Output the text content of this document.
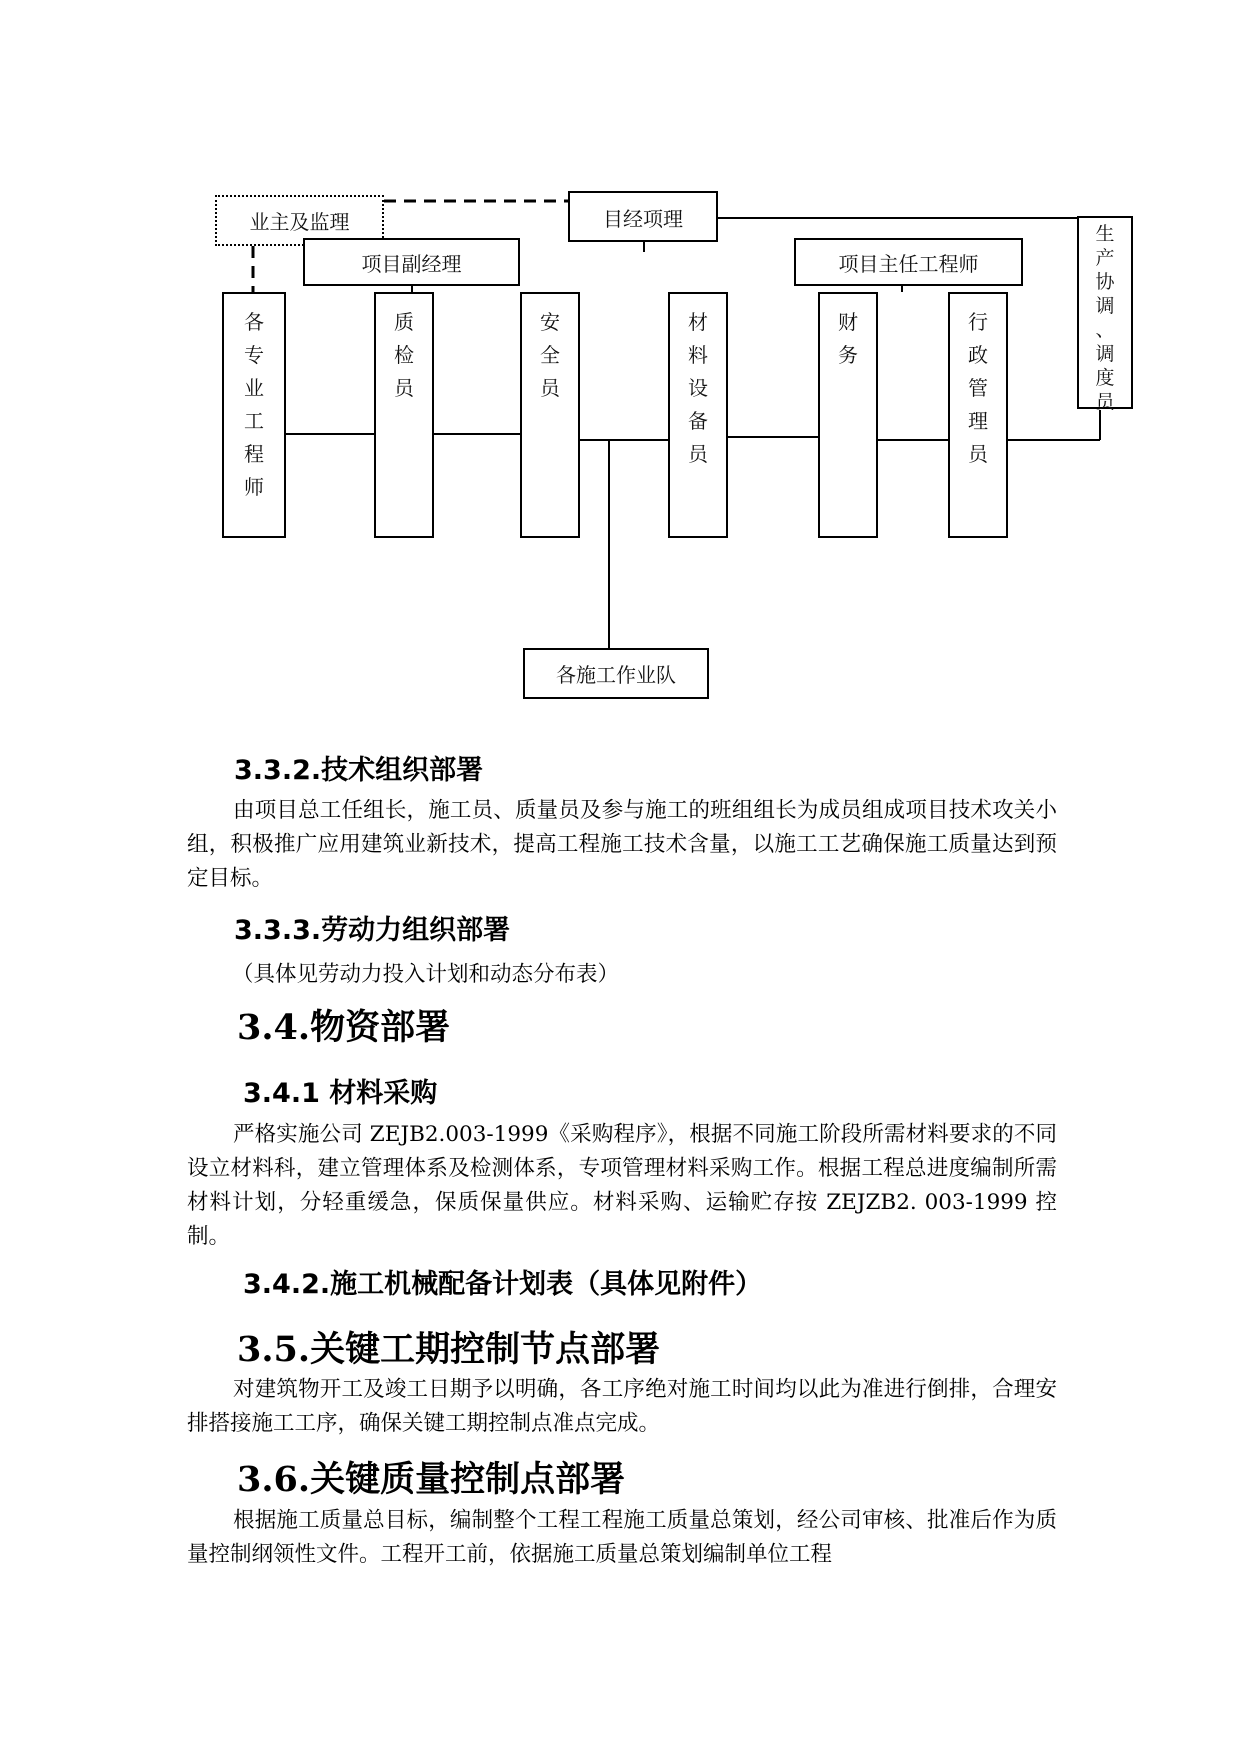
业主及监理	目经项理
项目副经理	项目主任工程师
生
产
协
调
、
调
度
员
各
专
业
工
程
师
质
检
员
安
全
员
材
料
设
备
员
财
务
行
政
管
理
员
各施工作业队
3.3.2.技术组织部署
由项目总工任组长，施工员、质量员及参与施工的班组组长为成员组成项目技术攻关小组，积极推广应用建筑业新技术，提高工程施工技术含量，以施工工艺确保施工质量达到预定目标。
3.3.3.劳动力组织部署
（具体见劳动力投入计划和动态分布表）
3.4.物资部署
3.4.1 材料采购
严格实施公司 ZEJB2.003-1999《采购程序》，根据不同施工阶段所需材料要求的不同设立材料科，建立管理体系及检测体系，专项管理材料采购工作。根据工程总进度编制所需材料计划，分轻重缓急，保质保量供应。材料采购、运输贮存按 ZEJZB2. 003-1999 控制。
3.4.2.施工机械配备计划表（具体见附件）
3.5.关键工期控制节点部署
对建筑物开工及竣工日期予以明确，各工序绝对施工时间均以此为准进行倒排，合理安排搭接施工工序，确保关键工期控制点准点完成。
3.6.关键质量控制点部署
根据施工质量总目标，编制整个工程工程施工质量总策划，经公司审核、批准后作为质量控制纲领性文件。工程开工前，依据施工质量总策划编制单位工程
